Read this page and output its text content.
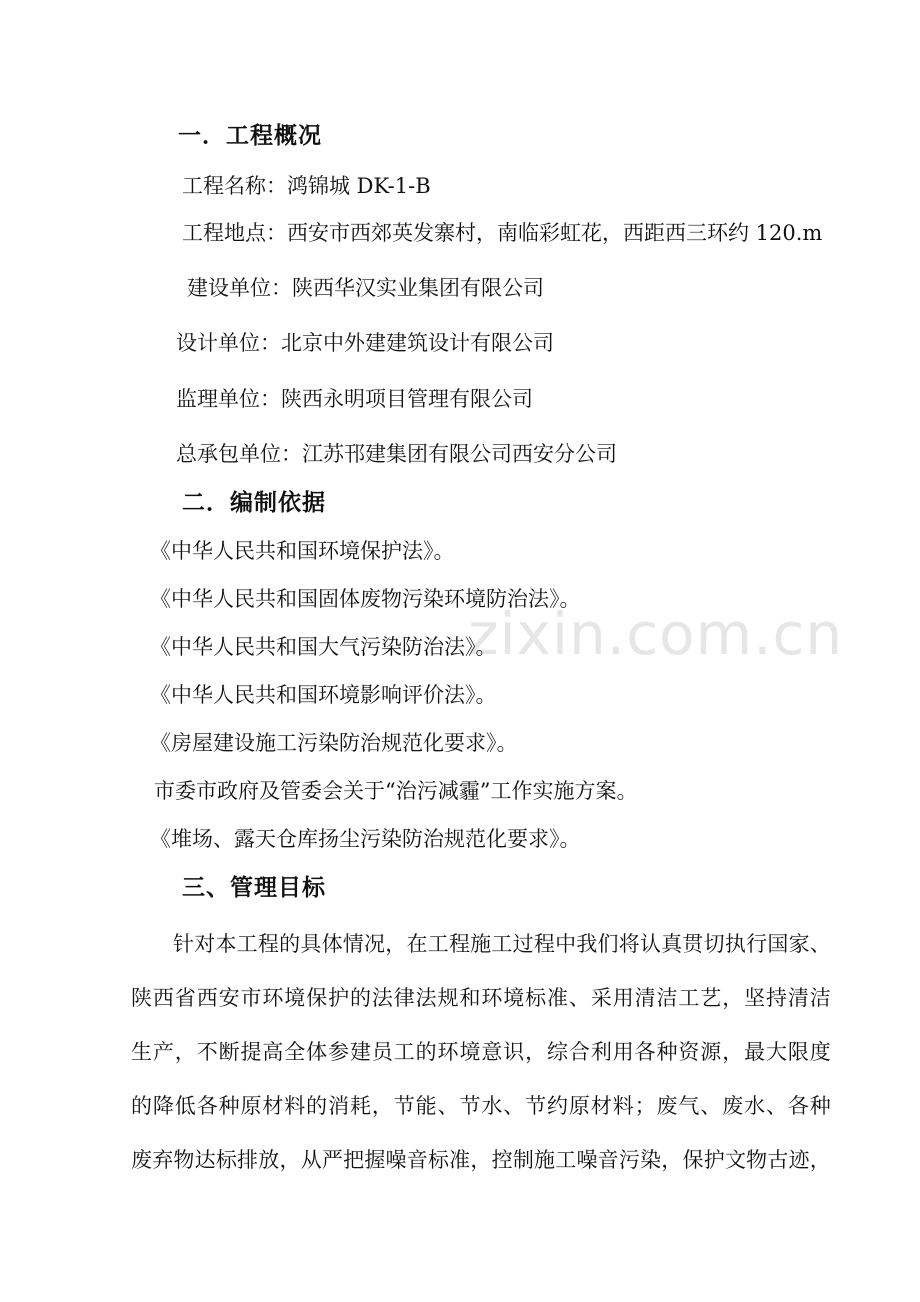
zixin.com.cn
一．工程概况
工程名称：鸿锦城 DK-1-B
工程地点：西安市西郊英发寨村，南临彩虹花，西距西三环约 120.m
建设单位：陕西华汉实业集团有限公司
设计单位：北京中外建建筑设计有限公司
监理单位：陕西永明项目管理有限公司
总承包单位：江苏邗建集团有限公司西安分公司
二．编制依据
《中华人民共和国环境保护法》。
《中华人民共和国固体废物污染环境防治法》。
《中华人民共和国大气污染防治法》。
《中华人民共和国环境影响评价法》。
《房屋建设施工污染防治规范化要求》。
市委市政府及管委会关于“治污减霾”工作实施方案。
《堆场、露天仓库扬尘污染防治规范化要求》。
三、管理目标
针对本工程的具体情况，在工程施工过程中我们将认真贯切执行国家、
陕西省西安市环境保护的法律法规和环境标准、采用清洁工艺，坚持清洁
生产，不断提高全体参建员工的环境意识，综合利用各种资源，最大限度
的降低各种原材料的消耗，节能、节水、节约原材料；废气、废水、各种
废弃物达标排放，从严把握噪音标准，控制施工噪音污染，保护文物古迹，
